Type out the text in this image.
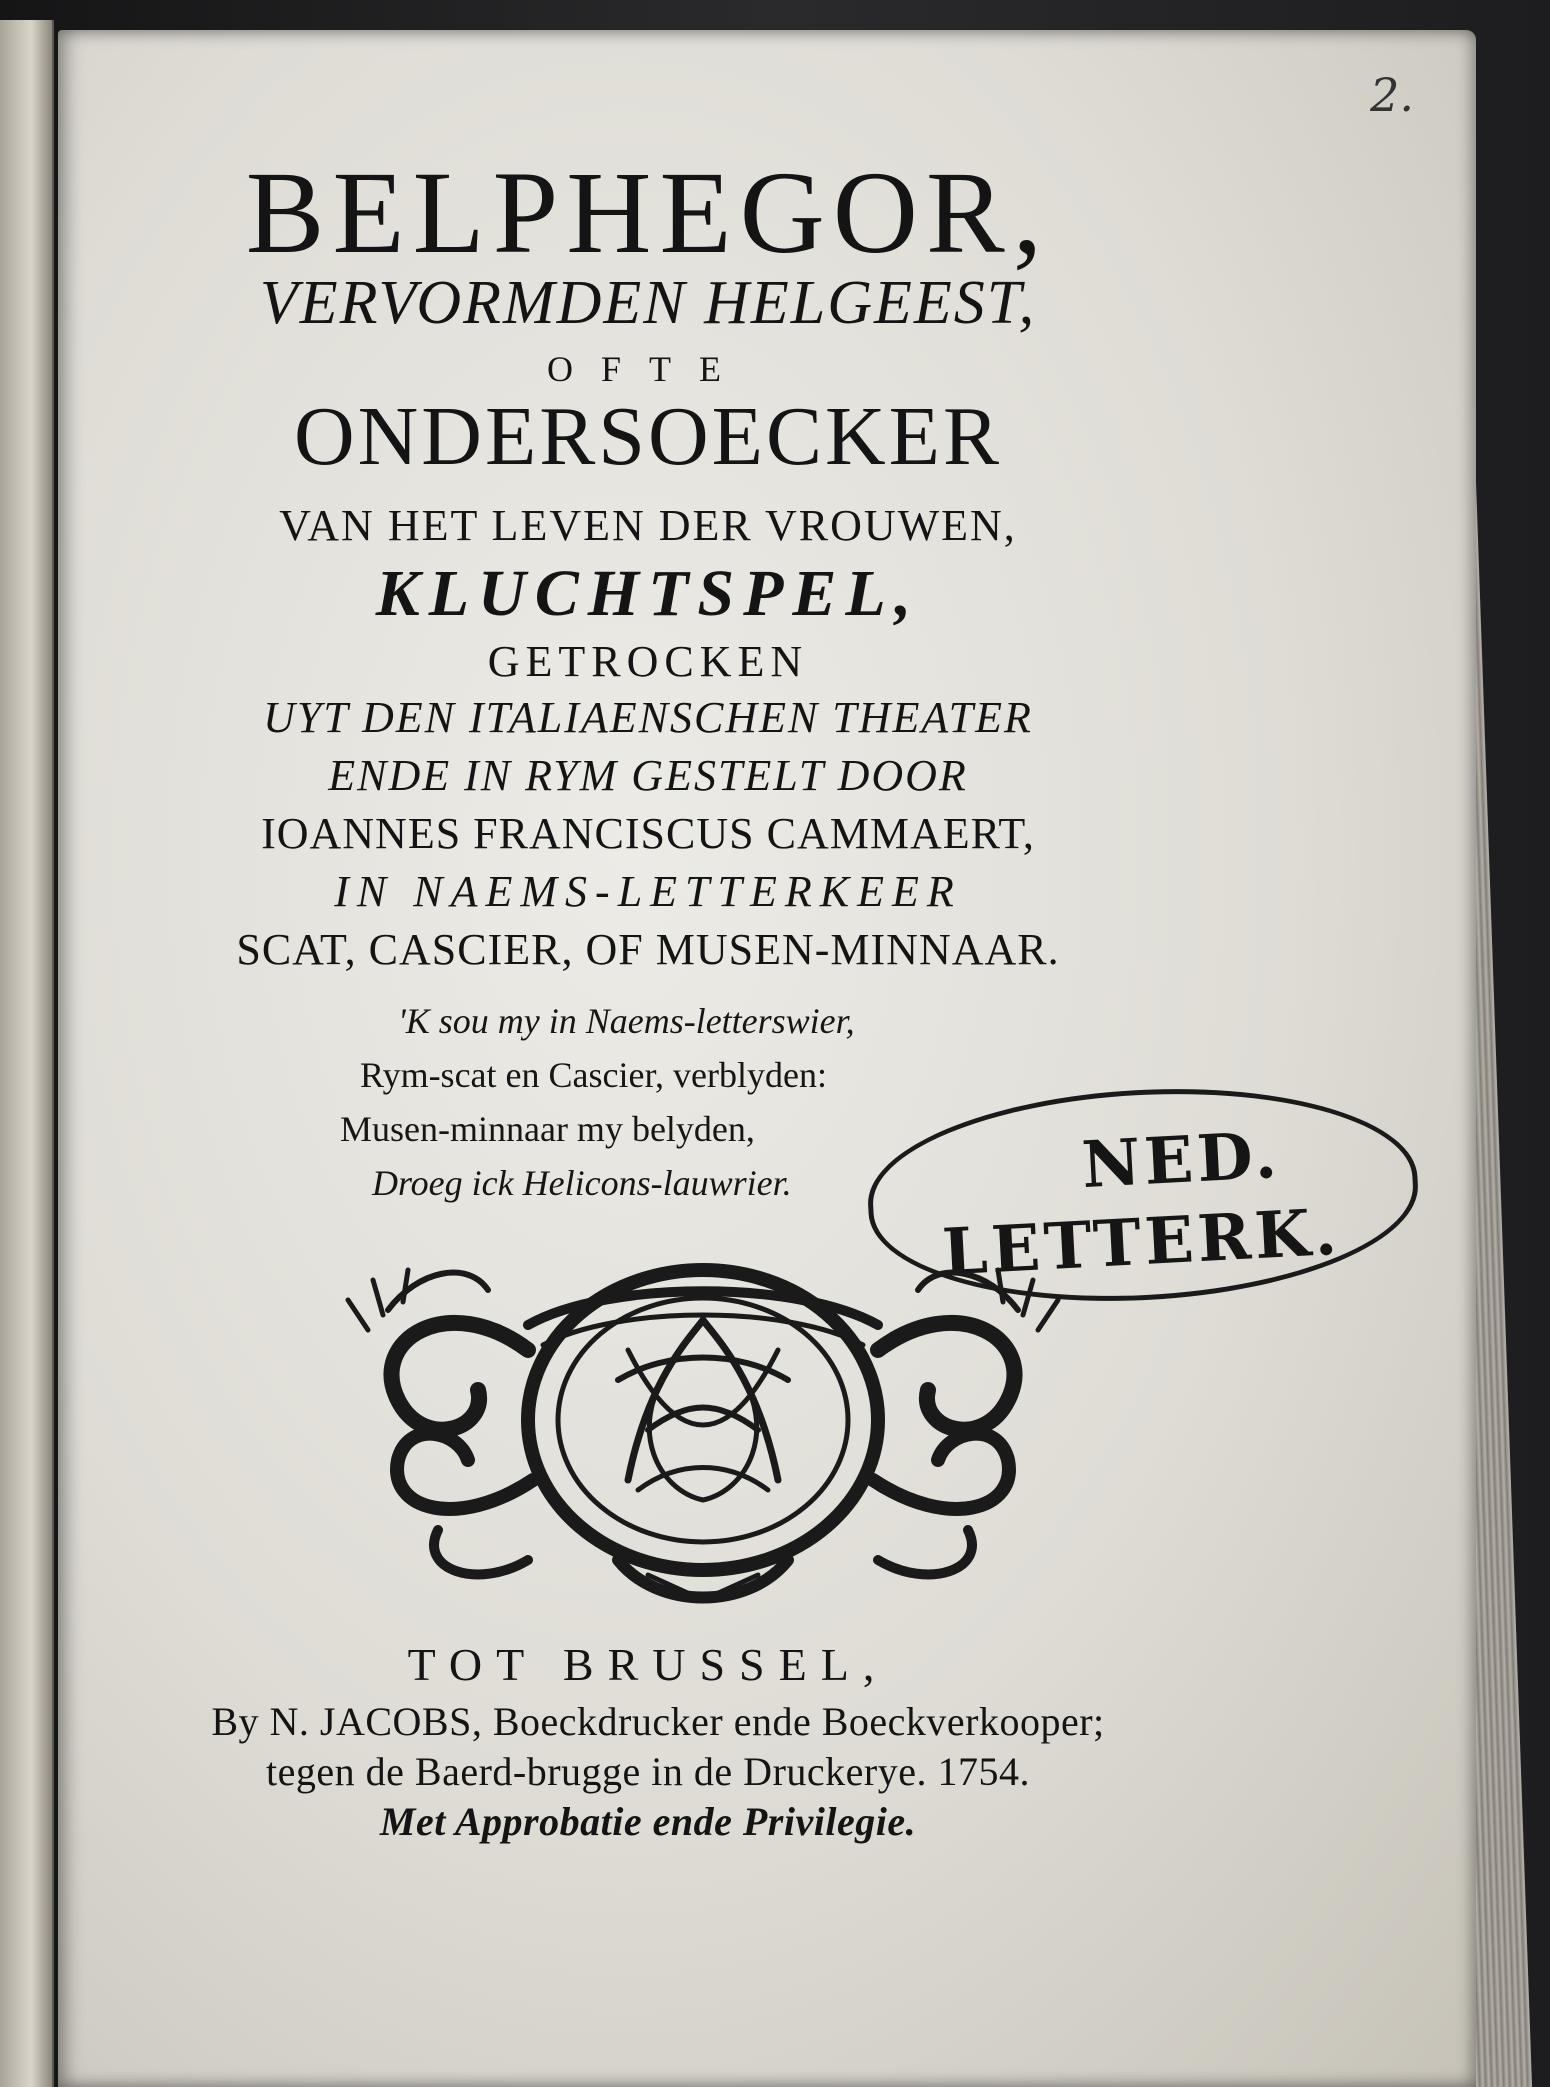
2.
BELPHEGOR,
VERVORMDEN HELGEEST,
OFTE
ONDERSOECKER
VAN HET LEVEN DER VROUWEN,
KLUCHTSPEL,
GETROCKEN
UYT DEN ITALIAENSCHEN THEATER
ENDE IN RYM GESTELT DOOR
IOANNES FRANCISCUS CAMMAERT,
IN NAEMS-LETTERKEER
SCAT, CASCIER, OF MUSEN-MINNAAR.
'K sou my in Naems-letterswier,
Rym-scat en Cascier, verblyden:
Musen-minnaar my belyden,
Droeg ick Helicons-lauwrier.	NED.
LETTERK.
TOT BRUSSEL,
By N. JACOBS, Boeckdrucker ende Boeckverkooper;
tegen de Baerd-brugge in de Druckerye. 1754.
Met Approbatie ende Privilegie.
